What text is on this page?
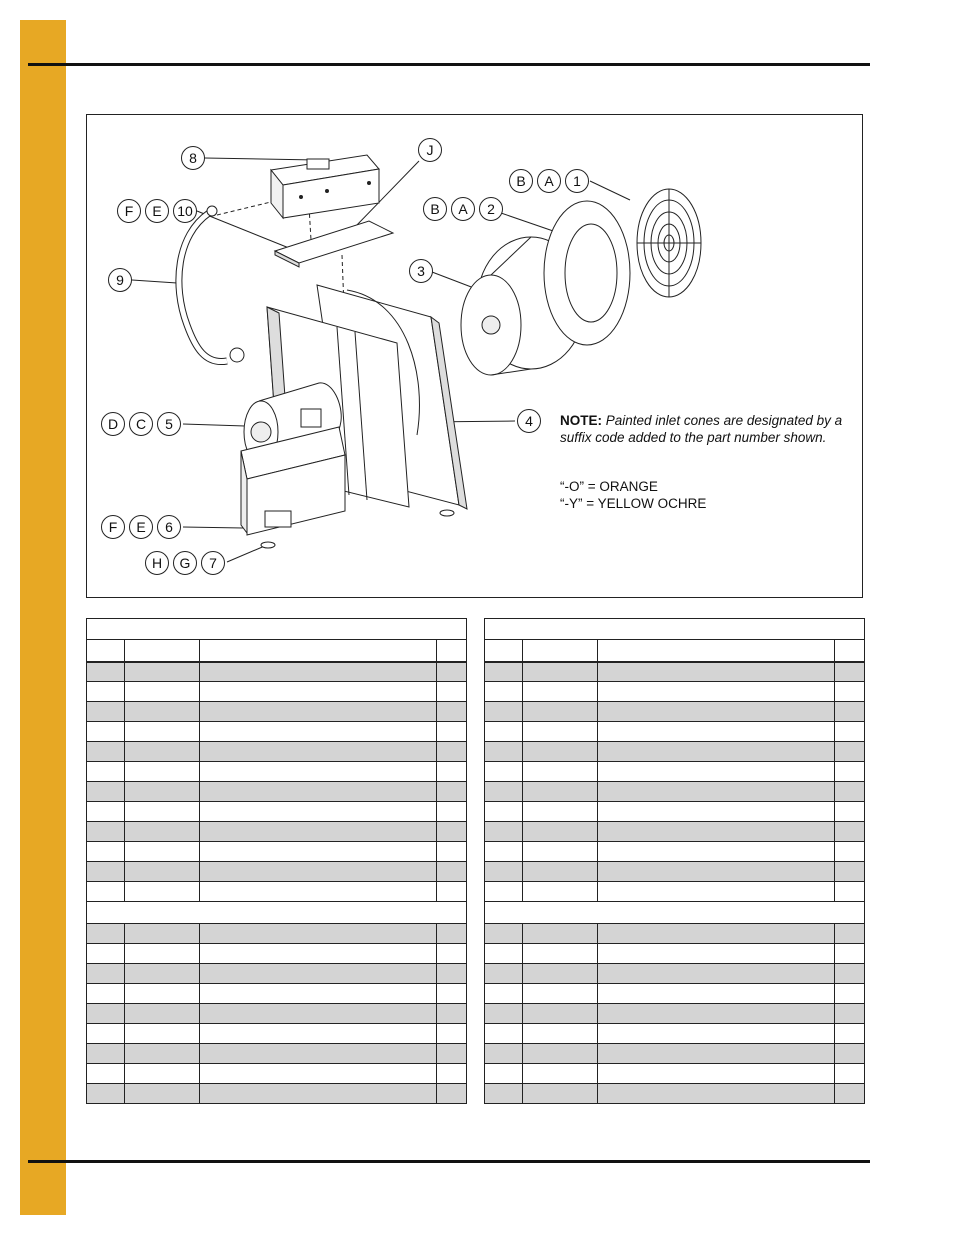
8	J
B	A	1
F	E	10	B	A	2
9
3
D	C	5	4
F	E	6
H	G	7
NOTE: Painted inlet cones are designated by a suffix code added to the part number shown.
“-O” = ORANGE
“-Y” = YELLOW OCHRE
